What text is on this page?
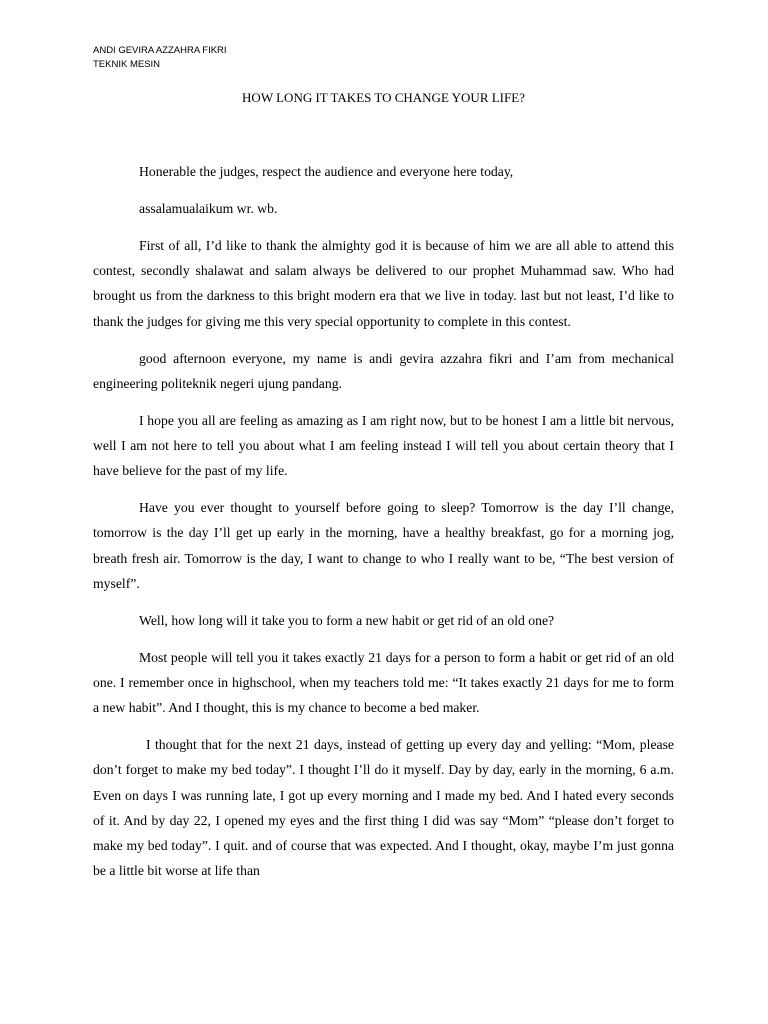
ANDI GEVIRA AZZAHRA FIKRI
TEKNIK MESIN
HOW LONG IT TAKES TO CHANGE YOUR LIFE?

Honerable the judges, respect the audience and everyone here today,

assalamualaikum wr. wb.

First of all, I’d like to thank the almighty god it is because of him we are all able to attend this contest, secondly shalawat and salam always be delivered to our prophet Muhammad saw. Who had brought us from the darkness to this bright modern era that we live in today. last but not least, I’d like to thank the judges for giving me this very special opportunity to complete in this contest.

good afternoon everyone, my name is andi gevira azzahra fikri and I’am from mechanical engineering politeknik negeri ujung pandang.

I hope you all are feeling as amazing as I am right now, but to be honest I am a little bit nervous, well I am not here to tell you about what I am feeling instead I will tell you about certain theory that I have believe for the past of my life.

Have you ever thought to yourself before going to sleep? Tomorrow is the day I’ll change, tomorrow is the day I’ll get up early in the morning, have a healthy breakfast, go for a morning jog, breath fresh air. Tomorrow is the day, I want to change to who I really want to be, “The best version of myself”.

Well, how long will it take you to form a new habit or get rid of an old one?

Most people will tell you it takes exactly 21 days for a person to form a habit or get rid of an old one. I remember once in highschool, when my teachers told me: “It takes exactly 21 days for me to form a new habit”. And I thought, this is my chance to become a bed maker.

I thought that for the next 21 days, instead of getting up every day and yelling: “Mom, please don’t forget to make my bed today”. I thought I’ll do it myself. Day by day, early in the morning, 6 a.m. Even on days I was running late, I got up every morning and I made my bed. And I hated every seconds of it. And by day 22, I opened my eyes and the first thing I did was say “Mom” “please don’t forget to make my bed today”. I quit. and of course that was expected. And I thought, okay, maybe I’m just gonna be a little bit worse at life than
